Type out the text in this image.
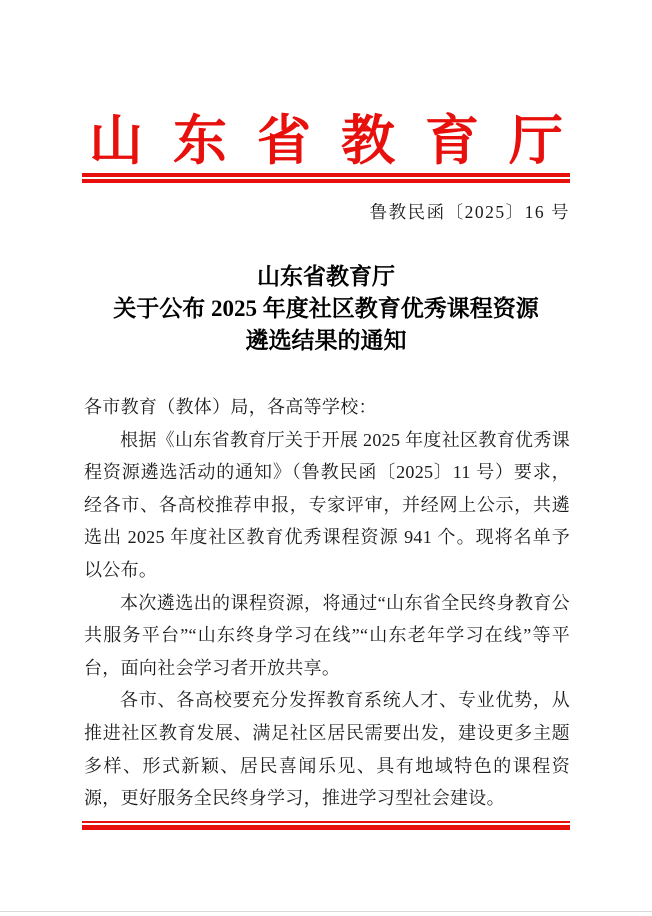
山东省教育厅
鲁教民函〔2025〕16 号
山东省教育厅
关于公布 2025 年度社区教育优秀课程资源
遴选结果的通知

各市教育（教体）局，各高等学校：

根据《山东省教育厅关于开展 2025 年度社区教育优秀课程资源遴选活动的通知》（鲁教民函〔2025〕11 号）要求，经各市、各高校推荐申报，专家评审，并经网上公示，共遴选出 2025 年度社区教育优秀课程资源 941 个。现将名单予以公布。

本次遴选出的课程资源，将通过“山东省全民终身教育公共服务平台”“山东终身学习在线”“山东老年学习在线”等平台，面向社会学习者开放共享。

各市、各高校要充分发挥教育系统人才、专业优势，从推进社区教育发展、满足社区居民需要出发，建设更多主题多样、形式新颖、居民喜闻乐见、具有地域特色的课程资源，更好服务全民终身学习，推进学习型社会建设。
